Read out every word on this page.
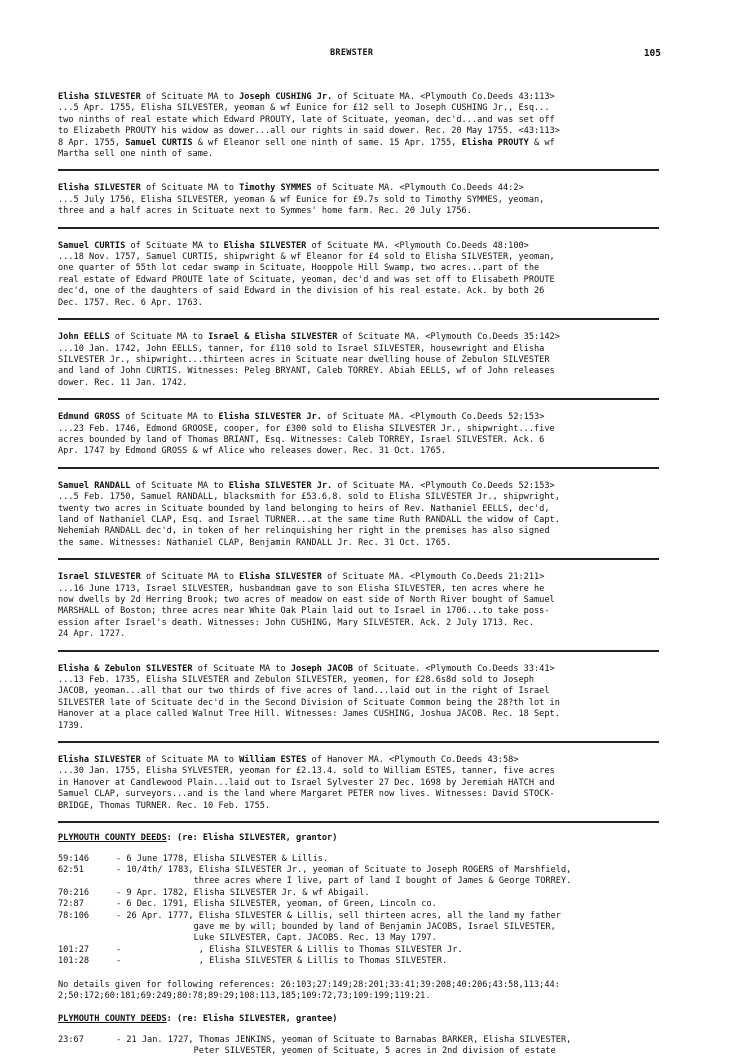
BREWSTER	105

Elisha SILVESTER of Scituate MA to Joseph CUSHING Jr. of Scituate MA. <Plymouth Co.Deeds 43:113>

...5 Apr. 1755, Elisha SILVESTER, yeoman & wf Eunice for £12 sell to Joseph CUSHING Jr., Esq...

two ninths of real estate which Edward PROUTY, late of Scituate, yeoman, dec'd...and was set off

to Elizabeth PROUTY his widow as dower...all our rights in said dower. Rec. 20 May 1755. <43:113>

8 Apr. 1755, Samuel CURTIS & wf Eleanor sell one ninth of same. 15 Apr. 1755, Elisha PROUTY & wf

Martha sell one ninth of same.

Elisha SILVESTER of Scituate MA to Timothy SYMMES of Scituate MA. <Plymouth Co.Deeds 44:2>

...5 July 1756, Elisha SILVESTER, yeoman & wf Eunice for £9.7s sold to Timothy SYMMES, yeoman,

three and a half acres in Scituate next to Symmes' home farm. Rec. 20 July 1756.

Samuel CURTIS of Scituate MA to Elisha SILVESTER of Scituate MA. <Plymouth Co.Deeds 48:100>

...18 Nov. 1757, Samuel CURTIS, shipwright & wf Eleanor for £4 sold to Elisha SILVESTER, yeoman,

one quarter of 55th lot cedar swamp in Scituate, Hooppole Hill Swamp, two acres...part of the

real estate of Edward PROUTE late of Scituate, yeoman, dec'd and was set off to Elisabeth PROUTE

dec'd, one of the daughters of said Edward in the division of his real estate. Ack. by both 26

Dec. 1757. Rec. 6 Apr. 1763.

John EELLS of Scituate MA to Israel & Elisha SILVESTER of Scituate MA. <Plymouth Co.Deeds 35:142>

...10 Jan. 1742, John EELLS, tanner, for £110 sold to Israel SILVESTER, housewright and Elisha

SILVESTER Jr., shipwright...thirteen acres in Scituate near dwelling house of Zebulon SILVESTER

and land of John CURTIS. Witnesses: Peleg BRYANT, Caleb TORREY. Abiah EELLS, wf of John releases

dower. Rec. 11 Jan. 1742.

Edmund GROSS of Scituate MA to Elisha SILVESTER Jr. of Scituate MA. <Plymouth Co.Deeds 52:153>

...23 Feb. 1746, Edmond GROOSE, cooper, for £300 sold to Elisha SILVESTER Jr., shipwright...five

acres bounded by land of Thomas BRIANT, Esq. Witnesses: Caleb TORREY, Israel SILVESTER. Ack. 6

Apr. 1747 by Edmond GROSS & wf Alice who releases dower. Rec. 31 Oct. 1765.

Samuel RANDALL of Scituate MA to Elisha SILVESTER Jr. of Scituate MA. <Plymouth Co.Deeds 52:153>

...5 Feb. 1750, Samuel RANDALL, blacksmith for £53.6.8. sold to Elisha SILVESTER Jr., shipwright,

twenty two acres in Scituate bounded by land belonging to heirs of Rev. Nathaniel EELLS, dec'd,

land of Nathaniel CLAP, Esq. and Israel TURNER...at the same time Ruth RANDALL the widow of Capt.

Nehemiah RANDALL dec'd, in token of her relinquishing her right in the premises has also signed

the same. Witnesses: Nathaniel CLAP, Benjamin RANDALL Jr. Rec. 31 Oct. 1765.

Israel SILVESTER of Scituate MA to Elisha SILVESTER of Scituate MA. <Plymouth Co.Deeds 21:211>

...16 June 1713, Israel SILVESTER, husbandman gave to son Elisha SILVESTER, ten acres where he

now dwells by 2d Herring Brook; two acres of meadow on east side of North River bought of Samuel

MARSHALL of Boston; three acres near White Oak Plain laid out to Israel in 1706...to take poss-

ession after Israel's death. Witnesses: John CUSHING, Mary SILVESTER. Ack. 2 July 1713. Rec.

24 Apr. 1727.

Elisha & Zebulon SILVESTER of Scituate MA to Joseph JACOB of Scituate. <Plymouth Co.Deeds 33:41>

...13 Feb. 1735, Elisha SILVESTER and Zebulon SILVESTER, yeomen, for £28.6s8d sold to Joseph

JACOB, yeoman...all that our two thirds of five acres of land...laid out in the right of Israel

SILVESTER late of Scituate dec'd in the Second Division of Scituate Common being the 28?th lot in

Hanover at a place called Walnut Tree Hill. Witnesses: James CUSHING, Joshua JACOB. Rec. 18 Sept.

1739.

Elisha SILVESTER of Scituate MA to William ESTES of Hanover MA. <Plymouth Co.Deeds 43:58>

...30 Jan. 1755, Elisha SYLVESTER, yeoman for £2.13.4. sold to William ESTES, tanner, five acres

in Hanover at Candlewood Plain...laid out to Israel Sylvester 27 Dec. 1698 by Jeremiah HATCH and

Samuel CLAP, surveyors...and is the land where Margaret PETER now lives. Witnesses: David STOCK-

BRIDGE, Thomas TURNER. Rec. 10 Feb. 1755.

PLYMOUTH COUNTY DEEDS: (re: Elisha SILVESTER, grantor)
59:146	- 6 June 1778, Elisha SILVESTER & Lillis.
62:51	- 10/4th/ 1783, Elisha SILVESTER Jr., yeoman of Scituate to Joseph ROGERS of Marshfield,
three acres where I live, part of land I bought of James & George TORREY.
70:216	- 9 Apr. 1782, Elisha SILVESTER Jr. & wf Abigail.
72:87	- 6 Dec. 1791, Elisha SILVESTER, yeoman, of Green, Lincoln co.
78:106	- 26 Apr. 1777, Elisha SILVESTER & Lillis, sell thirteen acres, all the land my father
gave me by will; bounded by land of Benjamin JACOBS, Israel SILVESTER,
Luke SILVESTER, Capt. JACOBS. Rec. 13 May 1797.
101:27	-               , Elisha SILVESTER & Lillis to Thomas SILVESTER Jr.
101:28	-               , Elisha SILVESTER & Lillis to Thomas SILVESTER.
No details given for following references: 26:103;27:149;28:201;33:41;39:208;40:206;43:58,113;44:
2;50:172;60:181;69:249;80:78;89:29;108:113,185;109:72,73;109:199;119:21.
PLYMOUTH COUNTY DEEDS: (re: Elisha SILVESTER, grantee)
23:67	- 21 Jan. 1727, Thomas JENKINS, yeoman of Scituate to Barnabas BARKER, Elisha SILVESTER,
Peter SILVESTER, yeomen of Scituate, 5 acres in 2nd division of estate
